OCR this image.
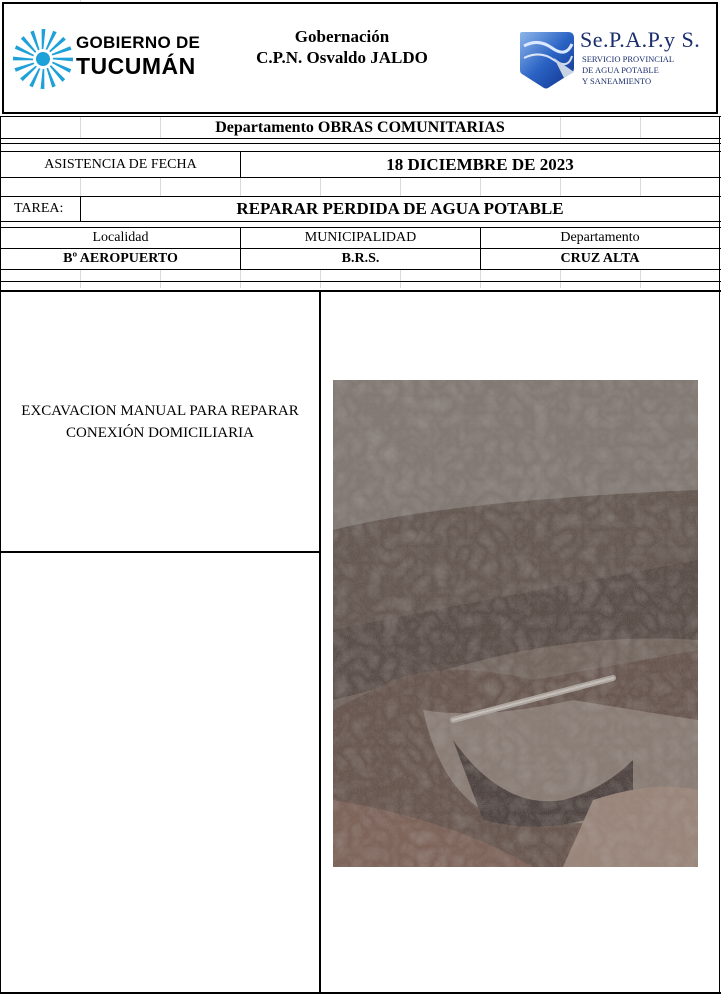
GOBIERNO DE
TUCUMÁN
Gobernación
C.P.N. Osvaldo JALDO
Se.P.A.P.y S.
SERVICIO PROVINCIAL
DE AGUA POTABLE
Y SANEAMIENTO
Departamento
OBRAS COMUNITARIAS
ASISTENCIA DE FECHA	18 DICIEMBRE DE 2023
TAREA:	REPARAR PERDIDA DE AGUA POTABLE
Localidad	MUNICIPALIDAD	Departamento
Bº AEROPUERTO	B.R.S.	CRUZ ALTA
EXCAVACION MANUAL PARA REPARAR
CONEXIÓN DOMICILIARIA
